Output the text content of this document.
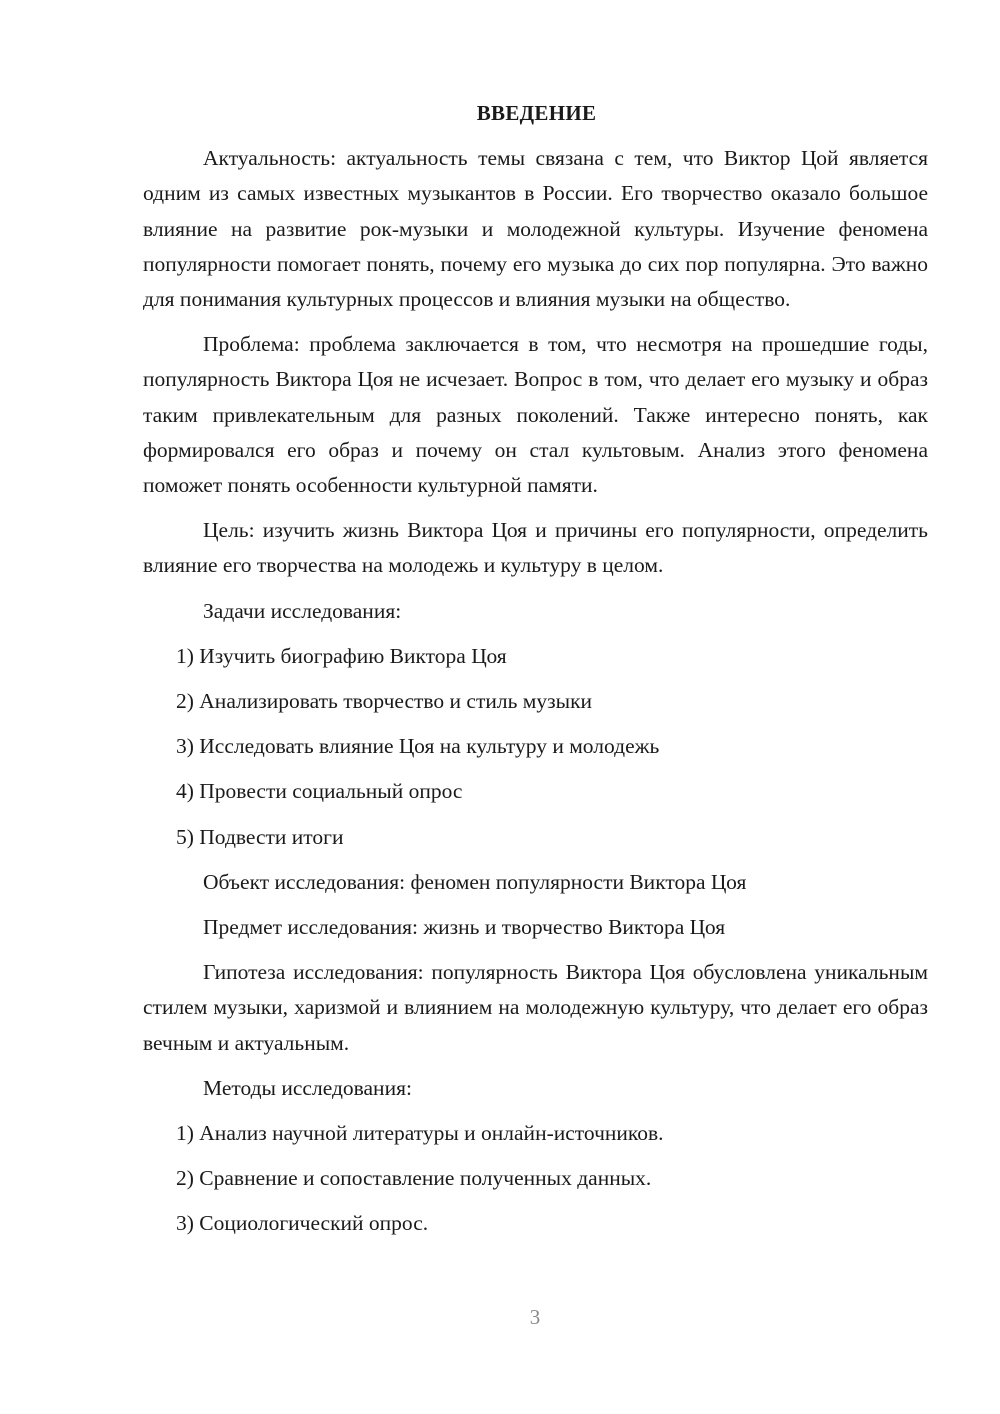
ВВЕДЕНИЕ

Актуальность: актуальность темы связана с тем, что Виктор Цой является одним из самых известных музыкантов в России. Его творчество оказало большое влияние на развитие рок-музыки и молодежной культуры. Изучение феномена популярности помогает понять, почему его музыка до сих пор популярна. Это важно для понимания культурных процессов и влияния музыки на общество.

Проблема: проблема заключается в том, что несмотря на прошедшие годы, популярность Виктора Цоя не исчезает. Вопрос в том, что делает его музыку и образ таким привлекательным для разных поколений. Также интересно понять, как формировался его образ и почему он стал культовым. Анализ этого феномена поможет понять особенности культурной памяти.

Цель: изучить жизнь Виктора Цоя и причины его популярности, определить влияние его творчества на молодежь и культуру в целом.

Задачи исследования:

1) Изучить биографию Виктора Цоя

2) Анализировать творчество и стиль музыки

3) Исследовать влияние Цоя на культуру и молодежь

4) Провести социальный опрос

5) Подвести итоги

Объект исследования: феномен популярности Виктора Цоя

Предмет исследования: жизнь и творчество Виктора Цоя

Гипотеза исследования: популярность Виктора Цоя обусловлена уникальным стилем музыки, харизмой и влиянием на молодежную культуру, что делает его образ вечным и актуальным.

Методы исследования:

1) Анализ научной литературы и онлайн-источников.

2) Сравнение и сопоставление полученных данных.

3) Социологический опрос.

3
